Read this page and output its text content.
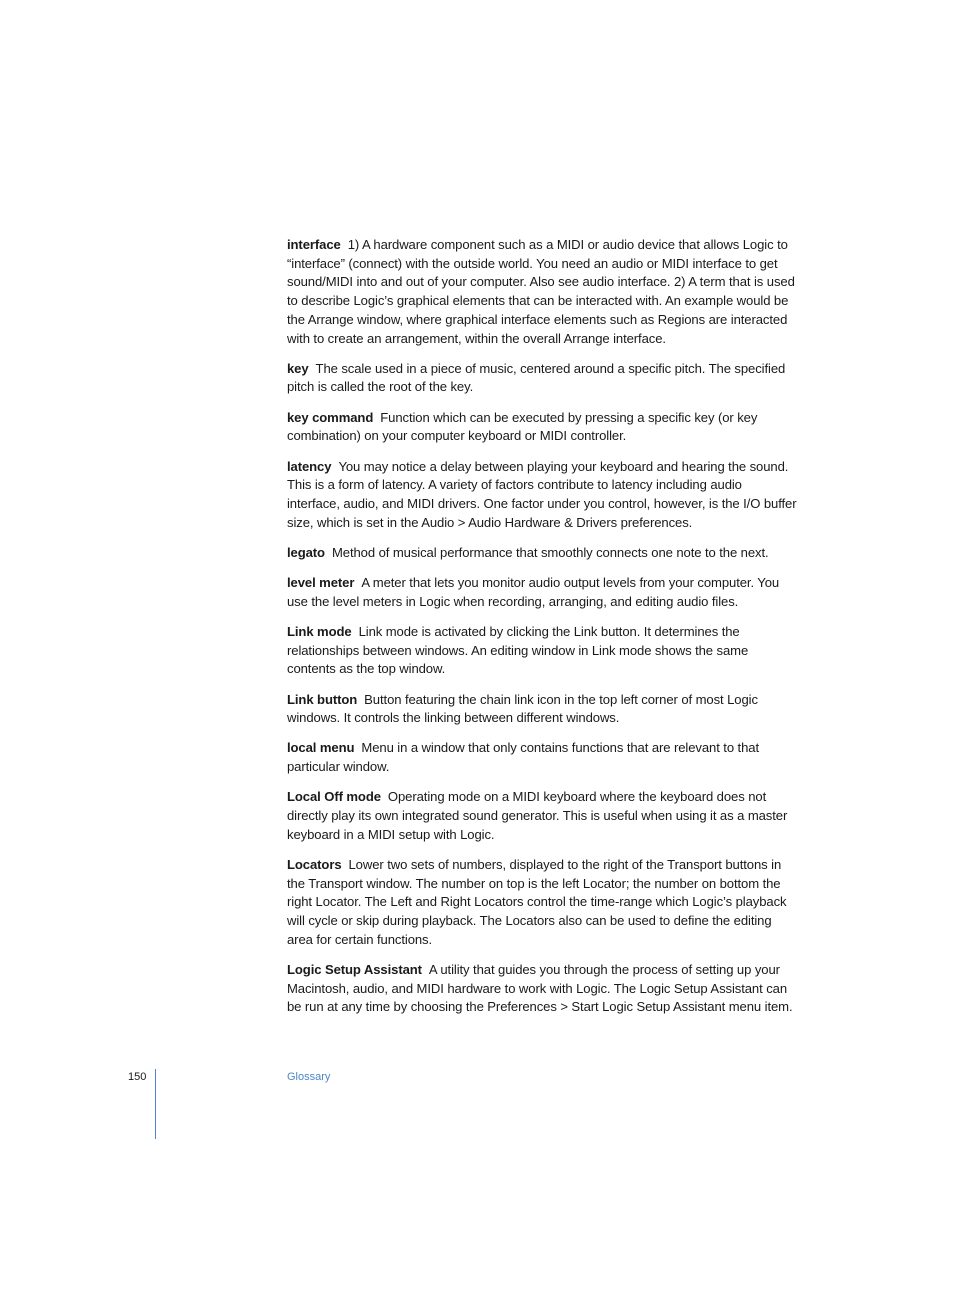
interface 1) A hardware component such as a MIDI or audio device that allows Logic to “interface” (connect) with the outside world. You need an audio or MIDI interface to get sound/MIDI into and out of your computer. Also see audio interface. 2) A term that is used to describe Logic’s graphical elements that can be interacted with. An example would be the Arrange window, where graphical interface elements such as Regions are interacted with to create an arrangement, within the overall Arrange interface.

key The scale used in a piece of music, centered around a specific pitch. The specified pitch is called the root of the key.

key command Function which can be executed by pressing a specific key (or key combination) on your computer keyboard or MIDI controller.

latency You may notice a delay between playing your keyboard and hearing the sound. This is a form of latency. A variety of factors contribute to latency including audio interface, audio, and MIDI drivers. One factor under you control, however, is the I/O buffer size, which is set in the Audio > Audio Hardware & Drivers preferences.

legato Method of musical performance that smoothly connects one note to the next.

level meter A meter that lets you monitor audio output levels from your computer. You use the level meters in Logic when recording, arranging, and editing audio files.

Link mode Link mode is activated by clicking the Link button. It determines the relationships between windows. An editing window in Link mode shows the same contents as the top window.

Link button Button featuring the chain link icon in the top left corner of most Logic windows. It controls the linking between different windows.

local menu Menu in a window that only contains functions that are relevant to that particular window.

Local Off mode Operating mode on a MIDI keyboard where the keyboard does not directly play its own integrated sound generator. This is useful when using it as a master keyboard in a MIDI setup with Logic.

Locators Lower two sets of numbers, displayed to the right of the Transport buttons in the Transport window. The number on top is the left Locator; the number on bottom the right Locator. The Left and Right Locators control the time-range which Logic’s playback will cycle or skip during playback. The Locators also can be used to define the editing area for certain functions.

Logic Setup Assistant A utility that guides you through the process of setting up your Macintosh, audio, and MIDI hardware to work with Logic. The Logic Setup Assistant can be run at any time by choosing the Preferences > Start Logic Setup Assistant menu item.

150	Glossary
